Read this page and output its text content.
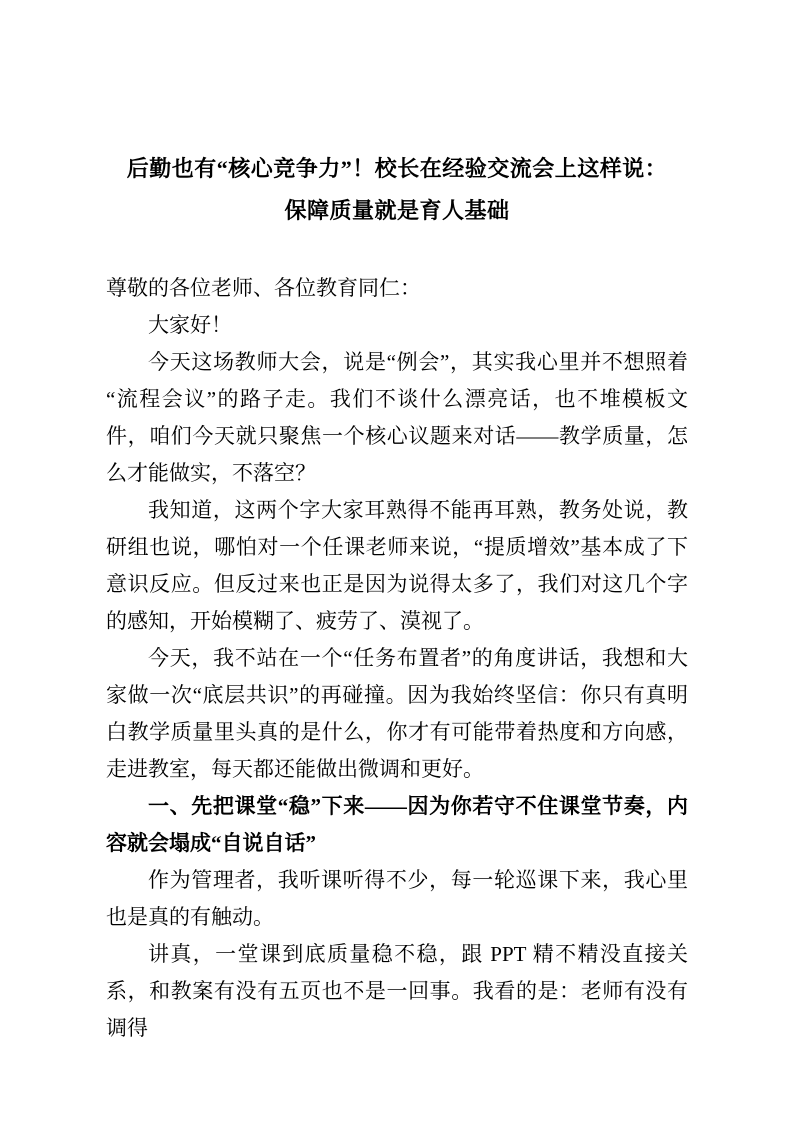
后勤也有“核心竞争力”！校长在经验交流会上这样说：
保障质量就是育人基础

尊敬的各位老师、各位教育同仁：

大家好！

今天这场教师大会，说是“例会”，其实我心里并不想照着“流程会议”的路子走。我们不谈什么漂亮话，也不堆模板文件，咱们今天就只聚焦一个核心议题来对话——教学质量，怎么才能做实，不落空？

我知道，这两个字大家耳熟得不能再耳熟，教务处说，教研组也说，哪怕对一个任课老师来说，“提质增效”基本成了下意识反应。但反过来也正是因为说得太多了，我们对这几个字的感知，开始模糊了、疲劳了、漠视了。

今天，我不站在一个“任务布置者”的角度讲话，我想和大家做一次“底层共识”的再碰撞。因为我始终坚信：你只有真明白教学质量里头真的是什么，你才有可能带着热度和方向感，走进教室，每天都还能做出微调和更好。

一、先把课堂“稳”下来——因为你若守不住课堂节奏，内容就会塌成“自说自话”

作为管理者，我听课听得不少，每一轮巡课下来，我心里也是真的有触动。

讲真，一堂课到底质量稳不稳，跟 PPT 精不精没直接关系，和教案有没有五页也不是一回事。我看的是：老师有没有调得
